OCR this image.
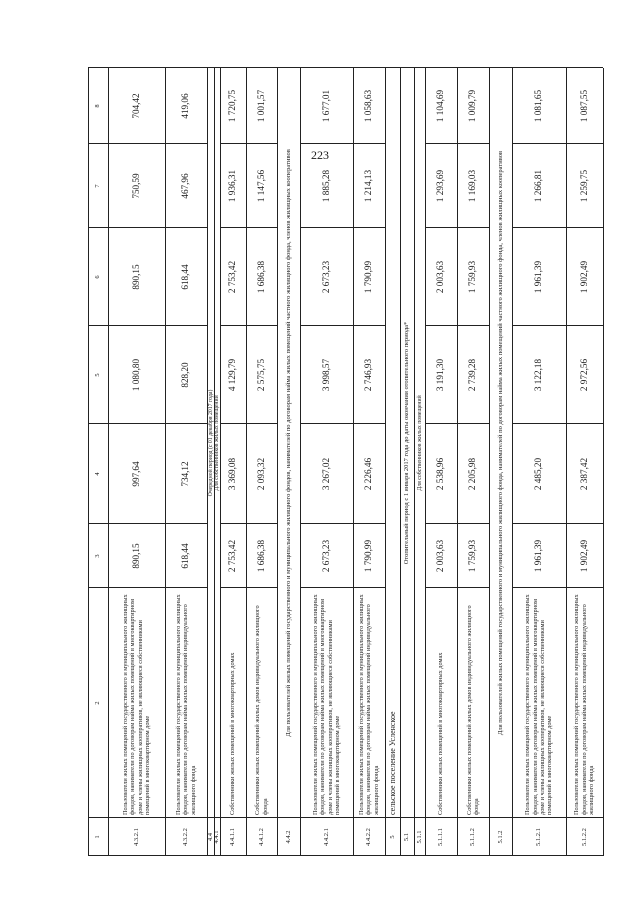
223
1
2
3
4
5
6
7
8
4.3.2.1
Пользователи жилых помещений государственного и муниципального жилищных фондов, наниматели по договорам найма жилых помещений в многоквартирном доме и члены жилищных кооперативов, не являющиеся собственниками помещений в многоквартирном доме
890,15
997,64
1 080,80
890,15
750,59
704,42
4.3.2.2
Пользователи жилых помещений государственного и муниципального жилищных фондов, наниматели по договорам найма жилых помещений индивидуального жилищного фонда
618,44
734,12
828,20
618,44
467,96
419,06
4.4
Очередной период (с 01 декабря 2017 года)
4.4.1
Для собственников жилых помещений
4.4.1.1
Собственники жилых помещений в многоквартирных домах
2 753,42
3 369,08
4 129,79
2 753,42
1 936,31
1 720,75
4.4.1.2
Собственники жилых помещений жилых домов индивидуального жилищного фонда
1 686,38
2 093,32
2 575,75
1 686,38
1 147,56
1 001,57
4.4.2
Для пользователей жилых помещений государственного и муниципального жилищного фондов, нанимателей по договорам найма жилых помещений частного жилищного фонда, членов жилищных кооперативов
4.4.2.1
Пользователи жилых помещений государственного и муниципального жилищных фондов, наниматели по договорам найма жилых помещений в многоквартирном доме и члены жилищных кооперативов, не являющиеся собственниками помещений в многоквартирном доме
2 673,23
3 267,02
3 998,57
2 673,23
1 885,28
1 677,01
4.4.2.2
Пользователи жилых помещений государственного и муниципального жилищных фондов, наниматели по договорам найма жилых помещений индивидуального жилищного фонда
1 790,99
2 226,46
2 746,93
1 790,99
1 214,13
1 058,63
5
сельское поселение Усленское
5.1
Отопительный период с 1 января 2017 года до даты окончания отопительного периода*
5.1.1
Для собственников жилых помещений
5.1.1.1
Собственники жилых помещений в многоквартирных домах
2 003,63
2 538,96
3 191,30
2 003,63
1 293,69
1 104,69
5.1.1.2
Собственники жилых помещений жилых домов индивидуального жилищного фонда
1 759,93
2 205,98
2 739,28
1 759,93
1 169,03
1 009,79
5.1.2
Для пользователей жилых помещений государственного и муниципального жилищного фонда, нанимателей по договорам найма жилых помещений частного жилищного фонда, членов жилищных кооперативов
5.1.2.1
Пользователи жилых помещений государственного и муниципального жилищных фондов, наниматели по договорам найма жилых помещений в многоквартирном доме и члены жилищных кооперативов, не являющиеся собственниками помещений в многоквартирном доме
1 961,39
2 485,20
3 122,18
1 961,39
1 266,81
1 081,65
5.1.2.2
Пользователи жилых помещений государственного и муниципального жилищных фондов, наниматели по договорам найма жилых помещений индивидуального жилищного фонда
1 902,49
2 387,42
2 972,56
1 902,49
1 259,75
1 087,55
